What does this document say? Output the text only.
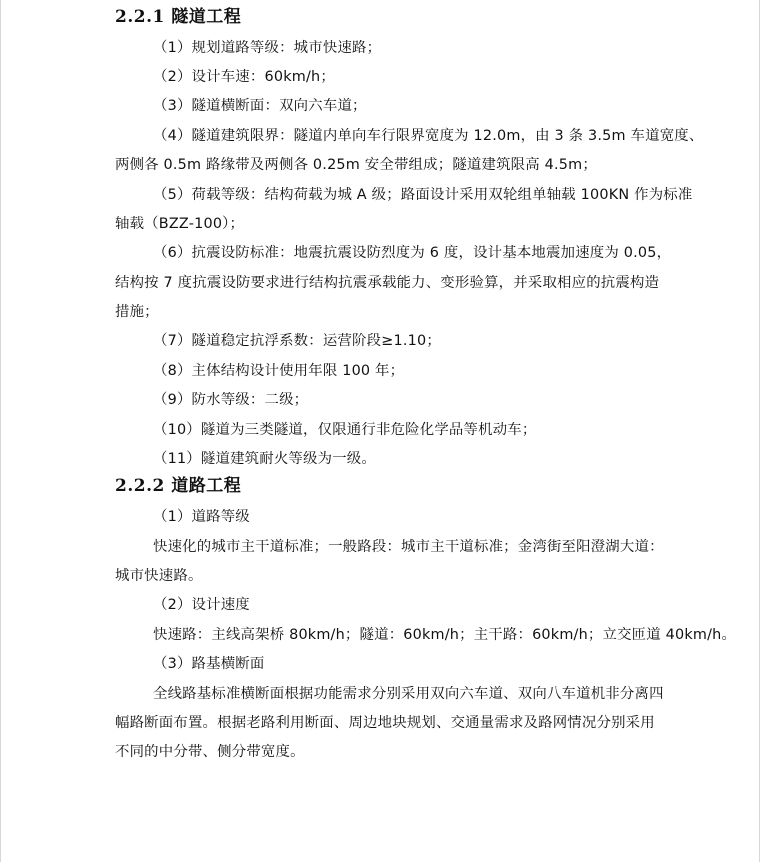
2.2.1 隧道工程
（1）规划道路等级：城市快速路；
（2）设计车速：60km/h；
（3）隧道横断面：双向六车道；
（4）隧道建筑限界：隧道内单向车行限界宽度为 12.0m，由 3 条 3.5m 车道宽度、
两侧各 0.5m 路缘带及两侧各 0.25m 安全带组成；隧道建筑限高 4.5m；
（5）荷载等级：结构荷载为城 A 级；路面设计采用双轮组单轴载 100KN 作为标准
轴载（BZZ-100）；
（6）抗震设防标准：地震抗震设防烈度为 6 度，设计基本地震加速度为 0.05，
结构按 7 度抗震设防要求进行结构抗震承载能力、变形验算，并采取相应的抗震构造
措施；
（7）隧道稳定抗浮系数：运营阶段≥1.10；
（8）主体结构设计使用年限 100 年；
（9）防水等级：二级；
（10）隧道为三类隧道，仅限通行非危险化学品等机动车；
（11）隧道建筑耐火等级为一级。
2.2.2 道路工程
（1）道路等级
快速化的城市主干道标准；一般路段：城市主干道标准；金湾街至阳澄湖大道：
城市快速路。
（2）设计速度
快速路：主线高架桥 80km/h；隧道：60km/h；主干路：60km/h；立交匝道 40km/h。
（3）路基横断面
全线路基标准横断面根据功能需求分别采用双向六车道、双向八车道机非分离四
幅路断面布置。根据老路利用断面、周边地块规划、交通量需求及路网情况分别采用
不同的中分带、侧分带宽度。
